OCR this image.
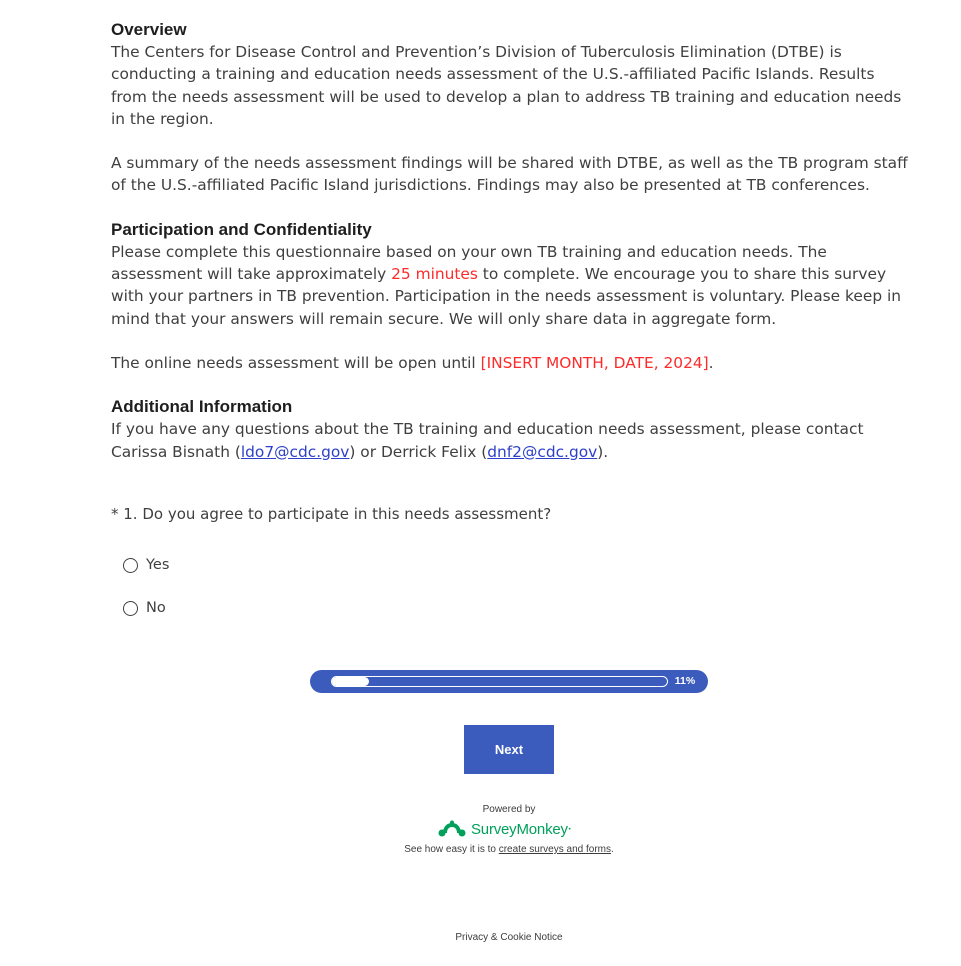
Overview

The Centers for Disease Control and Prevention’s Division of Tuberculosis Elimination (DTBE) is conducting a training and education needs assessment of the U.S.-affiliated Pacific Islands. Results from the needs assessment will be used to develop a plan to address TB training and education needs in the region.

A summary of the needs assessment findings will be shared with DTBE, as well as the TB program staff of the U.S.-affiliated Pacific Island jurisdictions. Findings may also be presented at TB conferences.

Participation and Confidentiality

Please complete this questionnaire based on your own TB training and education needs. The assessment will take approximately 25 minutes to complete. We encourage you to share this survey with your partners in TB prevention. Participation in the needs assessment is voluntary. Please keep in mind that your answers will remain secure. We will only share data in aggregate form.

The online needs assessment will be open until [INSERT MONTH, DATE, 2024].

Additional Information

If you have any questions about the TB training and education needs assessment, please contact Carissa Bisnath (ldo7@cdc.gov) or Derrick Felix (dnf2@cdc.gov).

* 1. Do you agree to participate in this needs assessment?
Yes
No
11%
Next
Powered by
SurveyMonkey •
See how easy it is to create surveys and forms.
Privacy & Cookie Notice
